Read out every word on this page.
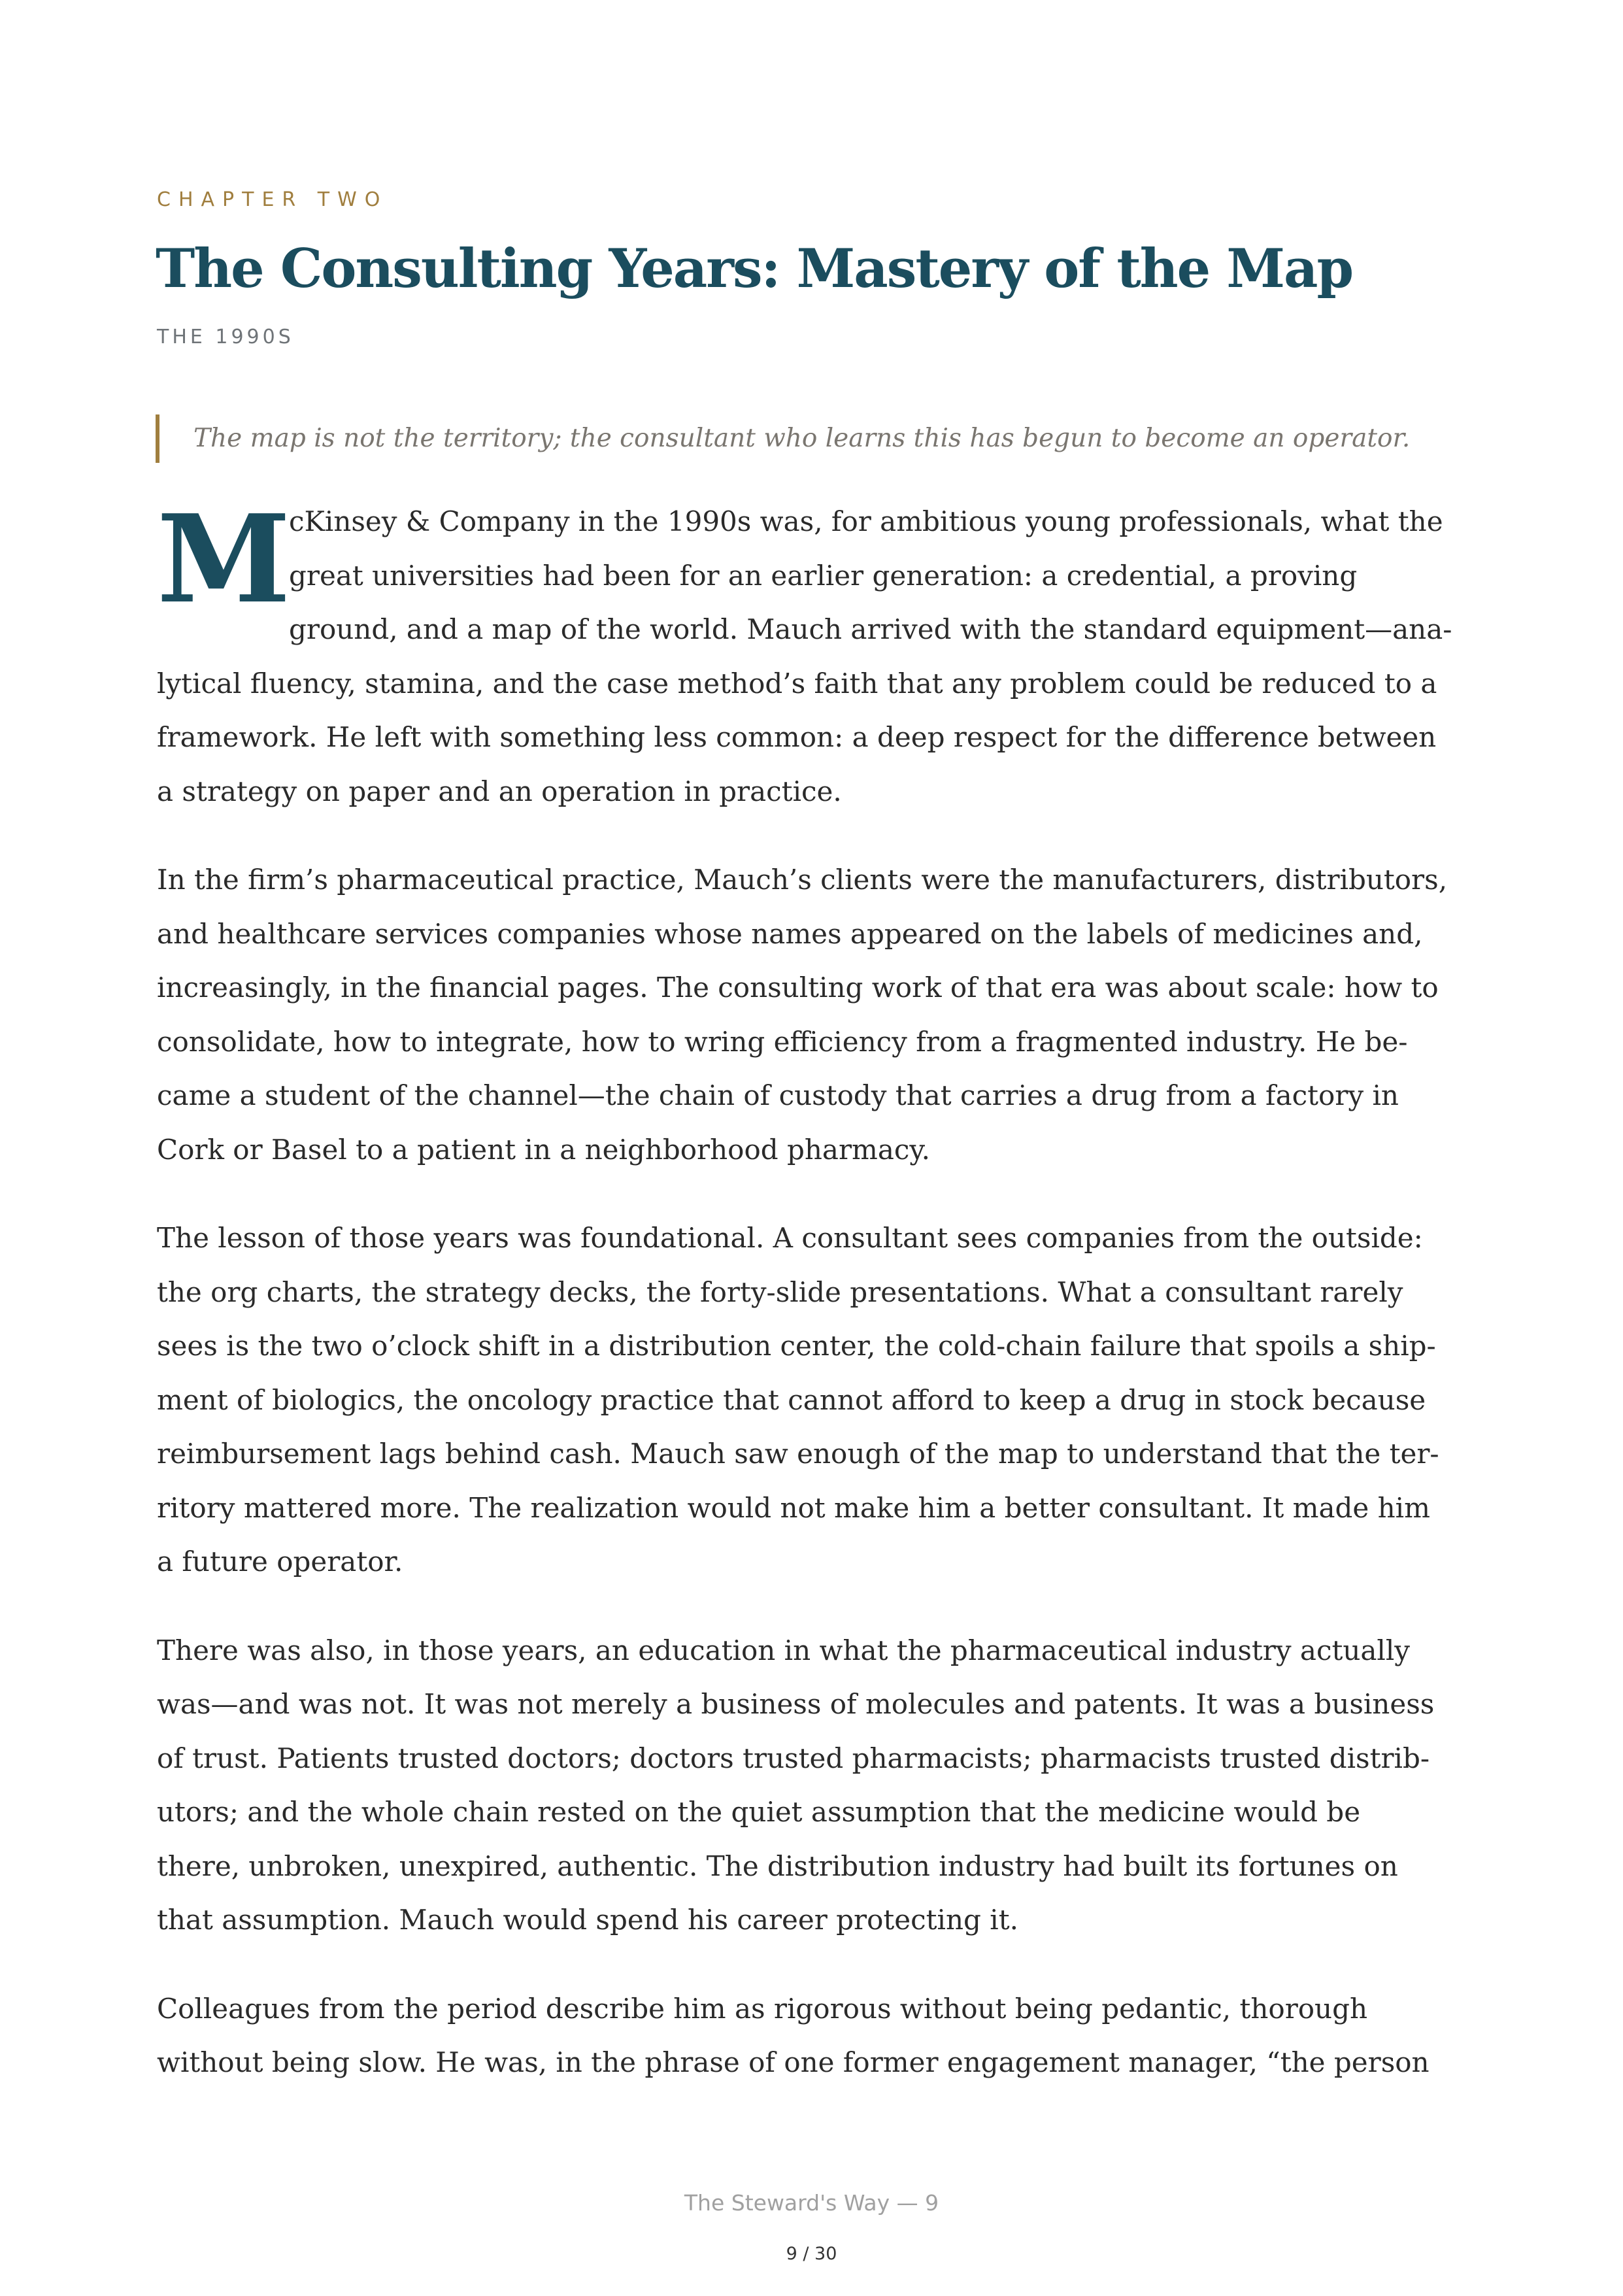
CHAPTER TWO
The Consulting Years: Mastery of the Map
THE 1990S
The map is not the territory; the consultant who learns this has begun to become an operator.

M
cKinsey & Company in the 1990s was, for ambitious young professionals, what the
great universities had been for an earlier generation: a credential, a proving
ground, and a map of the world. Mauch arrived with the standard equipment—ana-
lytical fluency, stamina, and the case method’s faith that any problem could be reduced to a
framework. He left with something less common: a deep respect for the difference between
a strategy on paper and an operation in practice.

In the firm’s pharmaceutical practice, Mauch’s clients were the manufacturers, distributors,
and healthcare services companies whose names appeared on the labels of medicines and,
increasingly, in the financial pages. The consulting work of that era was about scale: how to
consolidate, how to integrate, how to wring efficiency from a fragmented industry. He be-
came a student of the channel—the chain of custody that carries a drug from a factory in
Cork or Basel to a patient in a neighborhood pharmacy.

The lesson of those years was foundational. A consultant sees companies from the outside:
the org charts, the strategy decks, the forty-slide presentations. What a consultant rarely
sees is the two o’clock shift in a distribution center, the cold-chain failure that spoils a ship-
ment of biologics, the oncology practice that cannot afford to keep a drug in stock because
reimbursement lags behind cash. Mauch saw enough of the map to understand that the ter-
ritory mattered more. The realization would not make him a better consultant. It made him
a future operator.

There was also, in those years, an education in what the pharmaceutical industry actually
was—and was not. It was not merely a business of molecules and patents. It was a business
of trust. Patients trusted doctors; doctors trusted pharmacists; pharmacists trusted distrib-
utors; and the whole chain rested on the quiet assumption that the medicine would be
there, unbroken, unexpired, authentic. The distribution industry had built its fortunes on
that assumption. Mauch would spend his career protecting it.

Colleagues from the period describe him as rigorous without being pedantic, thorough
without being slow. He was, in the phrase of one former engagement manager, “the person

The Steward's Way — 9
9 / 30
